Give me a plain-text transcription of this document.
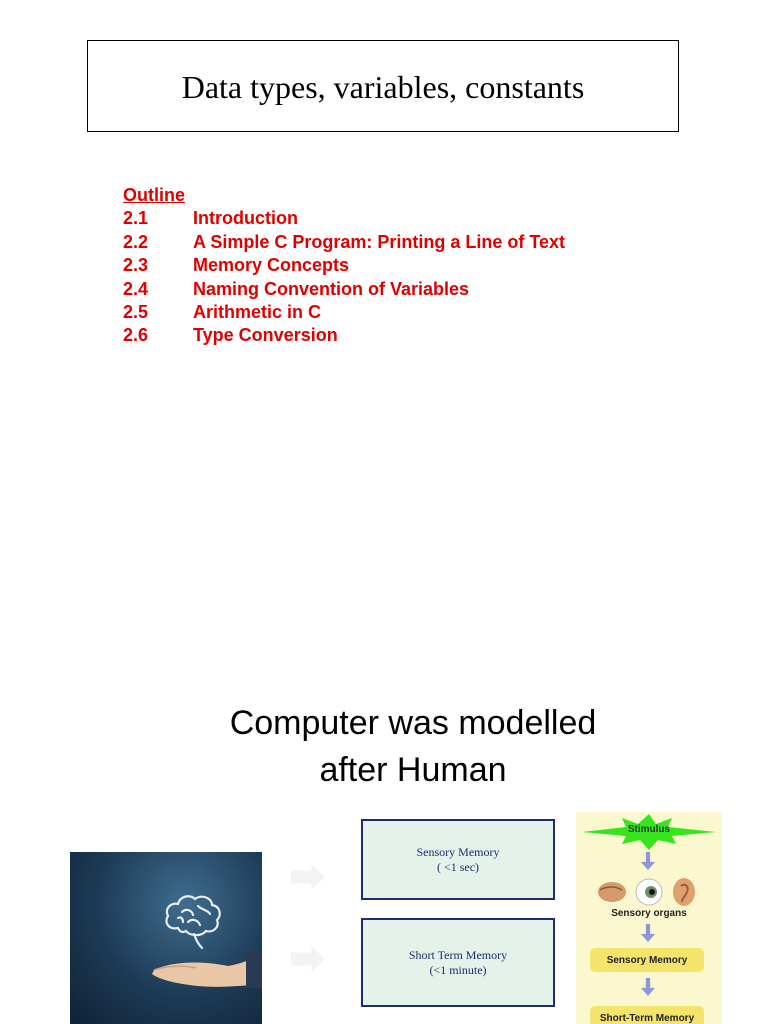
Data types, variables, constants
Outline
2.1	Introduction
2.2	A Simple C Program: Printing a Line of Text
2.3	Memory Concepts
2.4	Naming Convention of Variables
2.5	Arithmetic in C
2.6	Type Conversion
Computer was modelled
after Human
Sensory Memory
( <1 sec)
Short Term Memory
(<1 minute)
Stimulus
Sensory organs
Sensory Memory
Short-Term Memory
